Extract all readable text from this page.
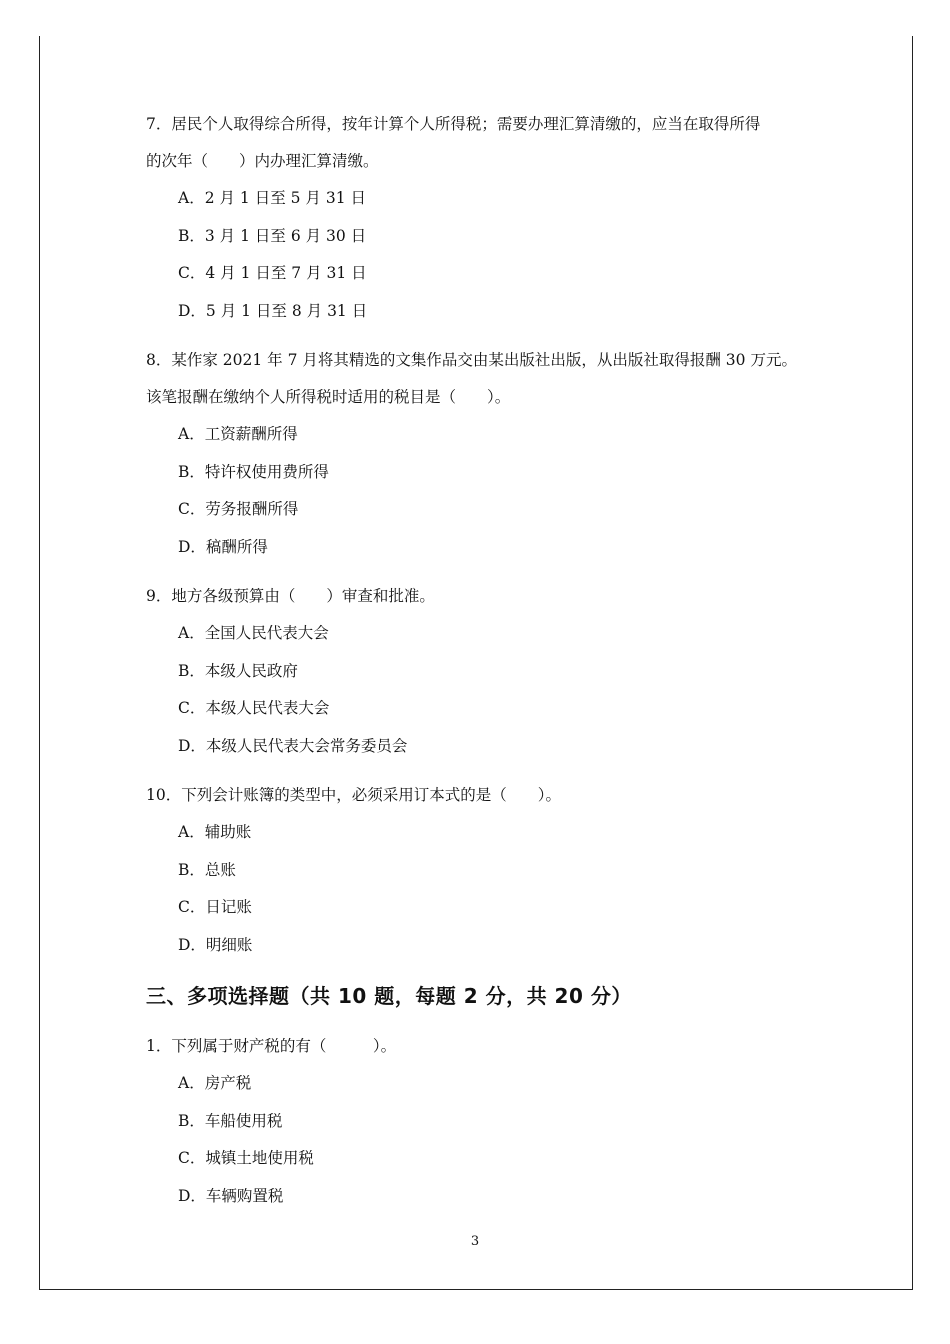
7．居民个人取得综合所得，按年计算个人所得税；需要办理汇算清缴的，应当在取得所得

的次年（　　）内办理汇算清缴。

A．2 月 1 日至 5 月 31 日

B．3 月 1 日至 6 月 30 日

C．4 月 1 日至 7 月 31 日

D．5 月 1 日至 8 月 31 日

8．某作家 2021 年 7 月将其精选的文集作品交由某出版社出版，从出版社取得报酬 30 万元。

该笔报酬在缴纳个人所得税时适用的税目是（　　）。

A．工资薪酬所得

B．特许权使用费所得

C．劳务报酬所得

D．稿酬所得

9．地方各级预算由（　　）审查和批准。

A．全国人民代表大会

B．本级人民政府

C．本级人民代表大会

D．本级人民代表大会常务委员会

10．下列会计账簿的类型中，必须采用订本式的是（　　）。

A．辅助账

B．总账

C．日记账

D．明细账

三、多项选择题（共 10 题，每题 2 分，共 20 分）

1．下列属于财产税的有（　　　）。

A．房产税

B．车船使用税

C．城镇土地使用税

D．车辆购置税

3
